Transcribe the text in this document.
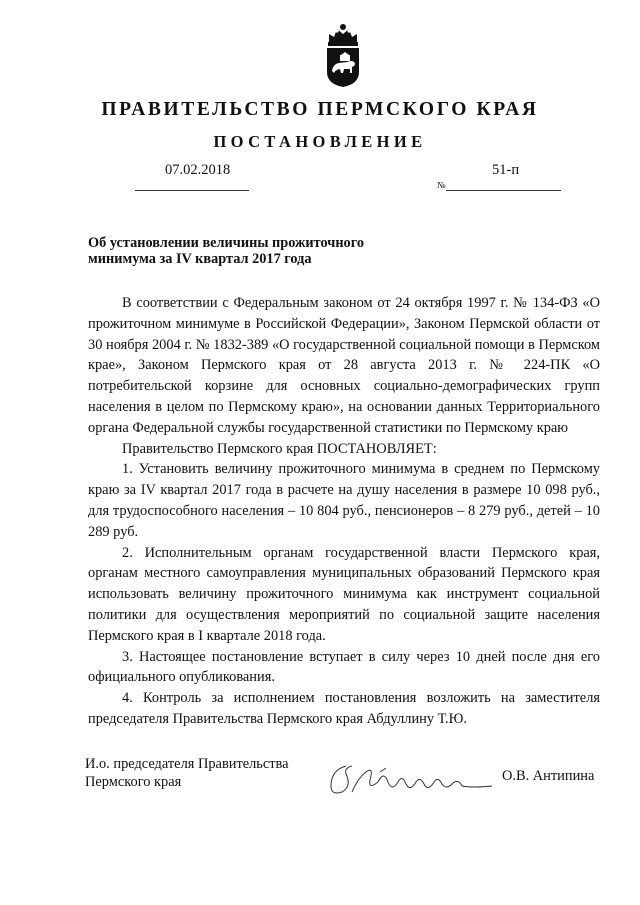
ПРАВИТЕЛЬСТВО ПЕРМСКОГО КРАЯ
ПОСТАНОВЛЕНИЕ
07.02.2018
№
51-п
Об установлении величины прожиточного
минимума за IV квартал 2017 года

В соответствии с Федеральным законом от 24 октября 1997 г. № 134-ФЗ «О прожиточном минимуме в Российской Федерации», Законом Пермской области от 30 ноября 2004 г. № 1832-389 «О государственной социальной помощи в Пермском крае», Законом Пермского края от 28 августа 2013 г. № 224-ПК «О потребительской корзине для основных социально-демографических групп населения в целом по Пермскому краю», на основании данных Территориального органа Федеральной службы государственной статистики по Пермскому краю

Правительство Пермского края ПОСТАНОВЛЯЕТ:

1. Установить величину прожиточного минимума в среднем по Пермскому краю за IV квартал 2017 года в расчете на душу населения в размере 10 098 руб., для трудоспособного населения – 10 804 руб., пенсионеров – 8 279 руб., детей – 10 289 руб.

2. Исполнительным органам государственной власти Пермского края, органам местного самоуправления муниципальных образований Пермского края использовать величину прожиточного минимума как инструмент социальной политики для осуществления мероприятий по социальной защите населения Пермского края в I квартале 2018 года.

3. Настоящее постановление вступает в силу через 10 дней после дня его официального опубликования.

4. Контроль за исполнением постановления возложить на заместителя председателя Правительства Пермского края Абдуллину Т.Ю.

И.о. председателя Правительства
Пермского края	О.В. Антипина
